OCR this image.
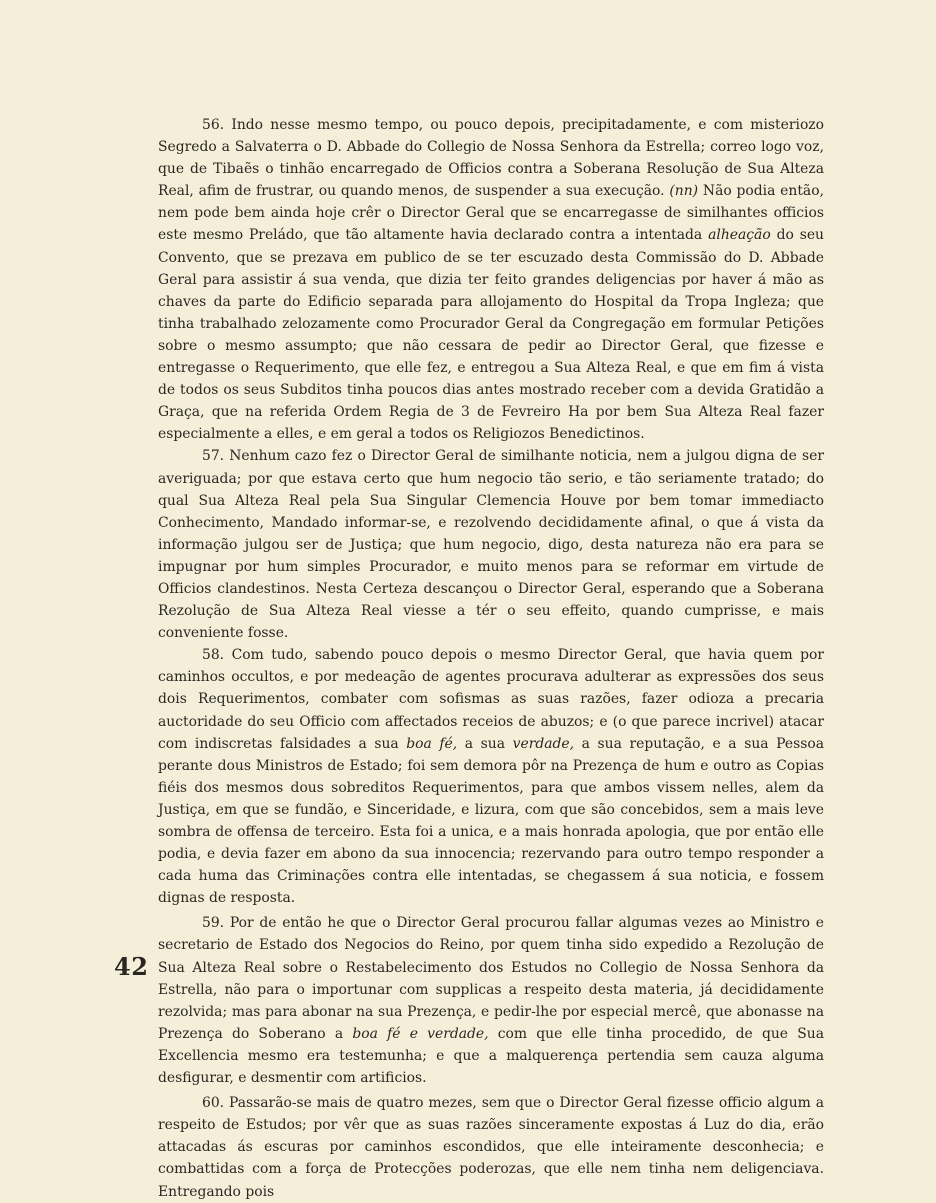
42

56. Indo nesse mesmo tempo, ou pouco depois, precipitadamente, e com misteriozo Segredo a Salvaterra o D. Abbade do Collegio de Nossa Senhora da Estrella; correo logo voz, que de Tibaẽs o tinhão encarregado de Officios contra a Soberana Resolução de Sua Alteza Real, afim de frustrar, ou quando menos, de suspender a sua execução. (nn) Não podia então, nem pode bem ainda hoje crêr o Director Geral que se encarregasse de similhantes officios este mesmo Preládo, que tão altamente havia declarado contra a intentada alheação do seu Convento, que se prezava em publico de se ter escuzado desta Commissão do D. Abbade Geral para assistir á sua venda, que dizia ter feito grandes deligencias por haver á mão as chaves da parte do Edificio separada para allojamento do Hospital da Tropa Ingleza; que tinha trabalhado zelozamente como Procurador Geral da Congregação em formular Petições sobre o mesmo assumpto; que não cessara de pedir ao Director Geral, que fizesse e entregasse o Requerimento, que elle fez, e entregou a Sua Alteza Real, e que em fim á vista de todos os seus Subditos tinha poucos dias antes mostrado receber com a devida Gratidão a Graça, que na referida Ordem Regia de 3 de Fevreiro Ha por bem Sua Alteza Real fazer especialmente a elles, e em geral a todos os Religiozos Benedictinos.

57. Nenhum cazo fez o Director Geral de similhante noticia, nem a julgou digna de ser averiguada; por que estava certo que hum negocio tão serio, e tão seriamente tratado; do qual Sua Alteza Real pela Sua Singular Clemencia Houve por bem tomar immediacto Conhecimento, Mandado informar-se, e rezolvendo decididamente afinal, o que á vista da informação julgou ser de Justiça; que hum negocio, digo, desta natureza não era para se impugnar por hum simples Procurador, e muito menos para se reformar em virtude de Officios clandestinos. Nesta Certeza descançou o Director Geral, esperando que a Soberana Rezolução de Sua Alteza Real viesse a tér o seu effeito, quando cumprisse, e mais conveniente fosse.

58. Com tudo, sabendo pouco depois o mesmo Director Geral, que havia quem por caminhos occultos, e por medeação de agentes procurava adulterar as expressões dos seus dois Requerimentos, combater com sofismas as suas razões, fazer odioza a precaria auctoridade do seu Officio com affectados receios de abuzos; e (o que parece incrivel) atacar com indiscretas falsidades a sua boa fé, a sua verdade, a sua reputação, e a sua Pessoa perante dous Ministros de Estado; foi sem demora pôr na Prezença de hum e outro as Copias fiéis dos mesmos dous sobreditos Requerimentos, para que ambos vissem nelles, alem da Justiça, em que se fundão, e Sinceridade, e lizura, com que são concebidos, sem a mais leve sombra de offensa de terceiro. Esta foi a unica, e a mais honrada apologia, que por então elle podia, e devia fazer em abono da sua innocencia; rezervando para outro tempo responder a cada huma das Criminações contra elle intentadas, se chegassem á sua noticia, e fossem dignas de resposta.

59. Por de então he que o Director Geral procurou fallar algumas vezes ao Ministro e secretario de Estado dos Negocios do Reino, por quem tinha sido expedido a Rezolução de Sua Alteza Real sobre o Restabelecimento dos Estudos no Collegio de Nossa Senhora da Estrella, não para o importunar com supplicas a respeito desta materia, já decididamente rezolvida; mas para abonar na sua Prezença, e pedir-lhe por especial mercê, que abonasse na Prezença do Soberano a boa fé e verdade, com que elle tinha procedido, de que Sua Excellencia mesmo era testemunha; e que a malquerença pertendia sem cauza alguma desfigurar, e desmentir com artificios.

60. Passarão-se mais de quatro mezes, sem que o Director Geral fizesse officio algum a respeito de Estudos; por vêr que as suas razões sinceramente expostas á Luz do dia, erão attacadas ás escuras por caminhos escondidos, que elle inteiramente desconhecia; e combattidas com a força de Protecções poderozas, que elle nem tinha nem deligenciava. Entregando pois
